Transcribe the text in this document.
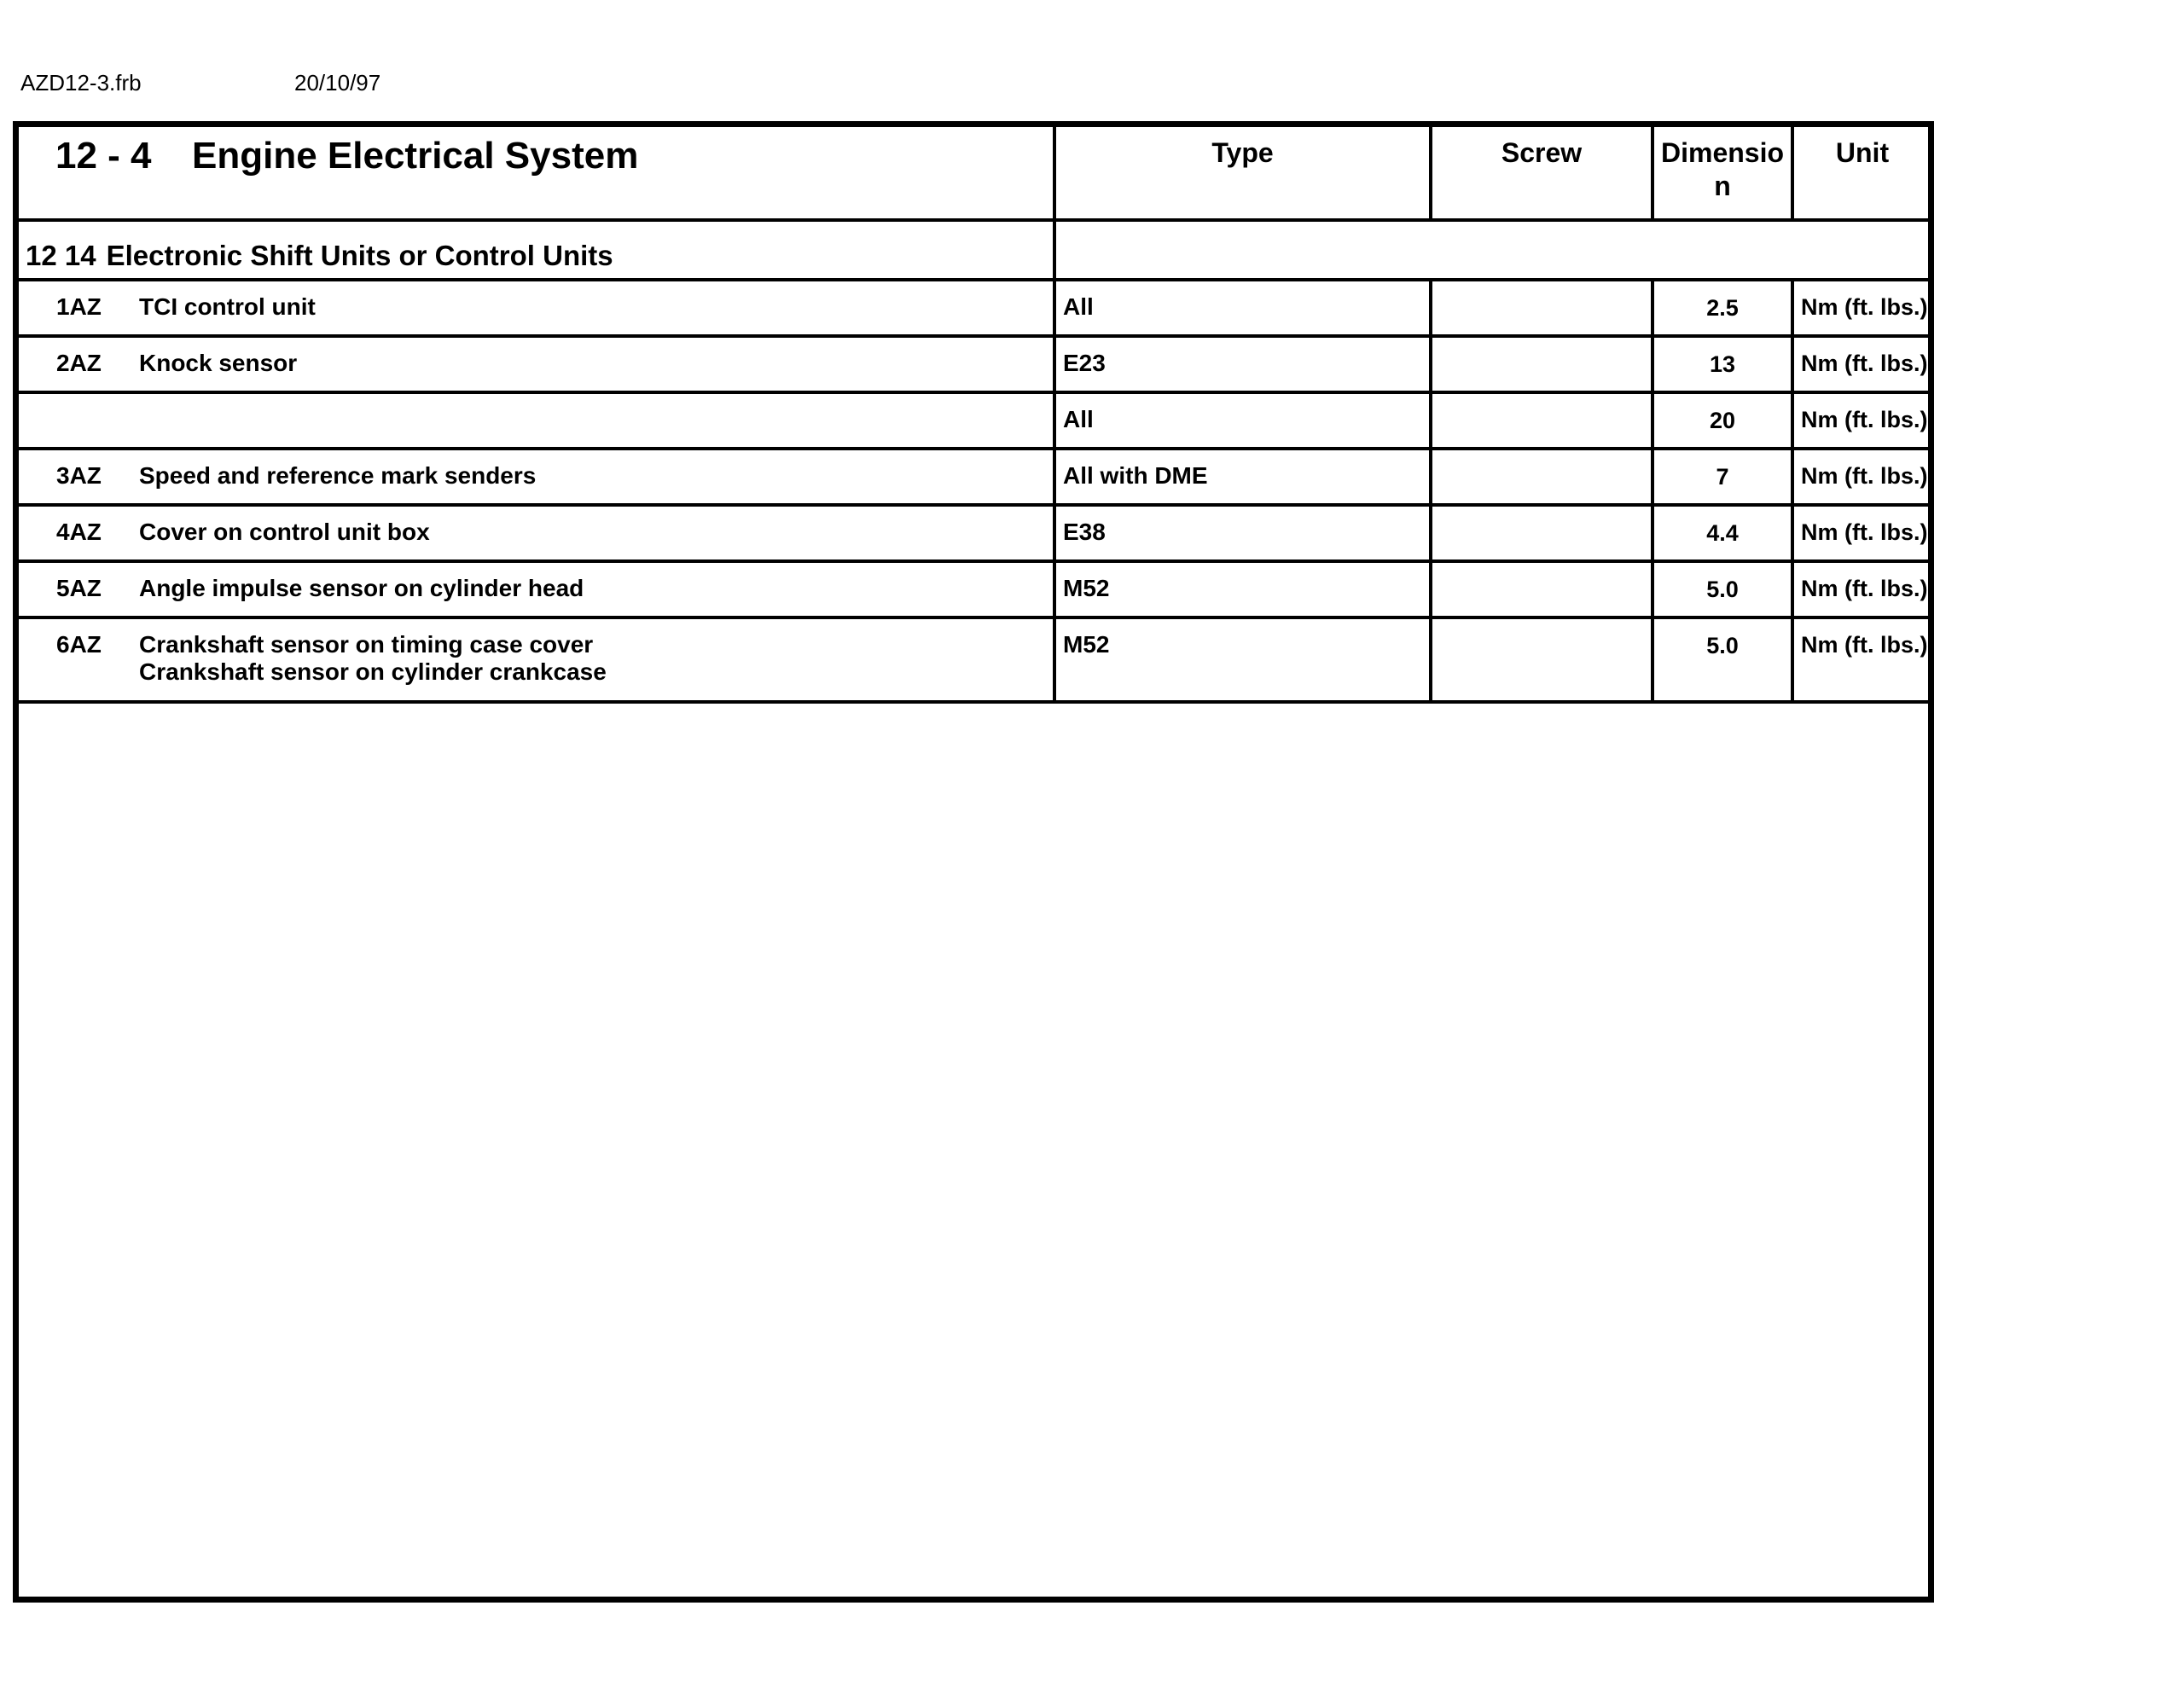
AZD12-3.frb	20/10/97
12 - 4 Engine Electrical System	Type	Screw	Dimension	Unit

12 14 Electronic Shift Units or Control Units				

1AZ TCI control unit	All		2.5	Nm (ft. lbs.)

2AZ Knock sensor	E23		13	Nm (ft. lbs.)

	All		20	Nm (ft. lbs.)

3AZ Speed and reference mark senders	All with DME		7	Nm (ft. lbs.)

4AZ Cover on control unit box	E38		4.4	Nm (ft. lbs.)

5AZ Angle impulse sensor on cylinder head	M52		5.0	Nm (ft. lbs.)

6AZ Crankshaft sensor on timing case cover
Crankshaft sensor on cylinder crankcase	M52		5.0	Nm (ft. lbs.)
